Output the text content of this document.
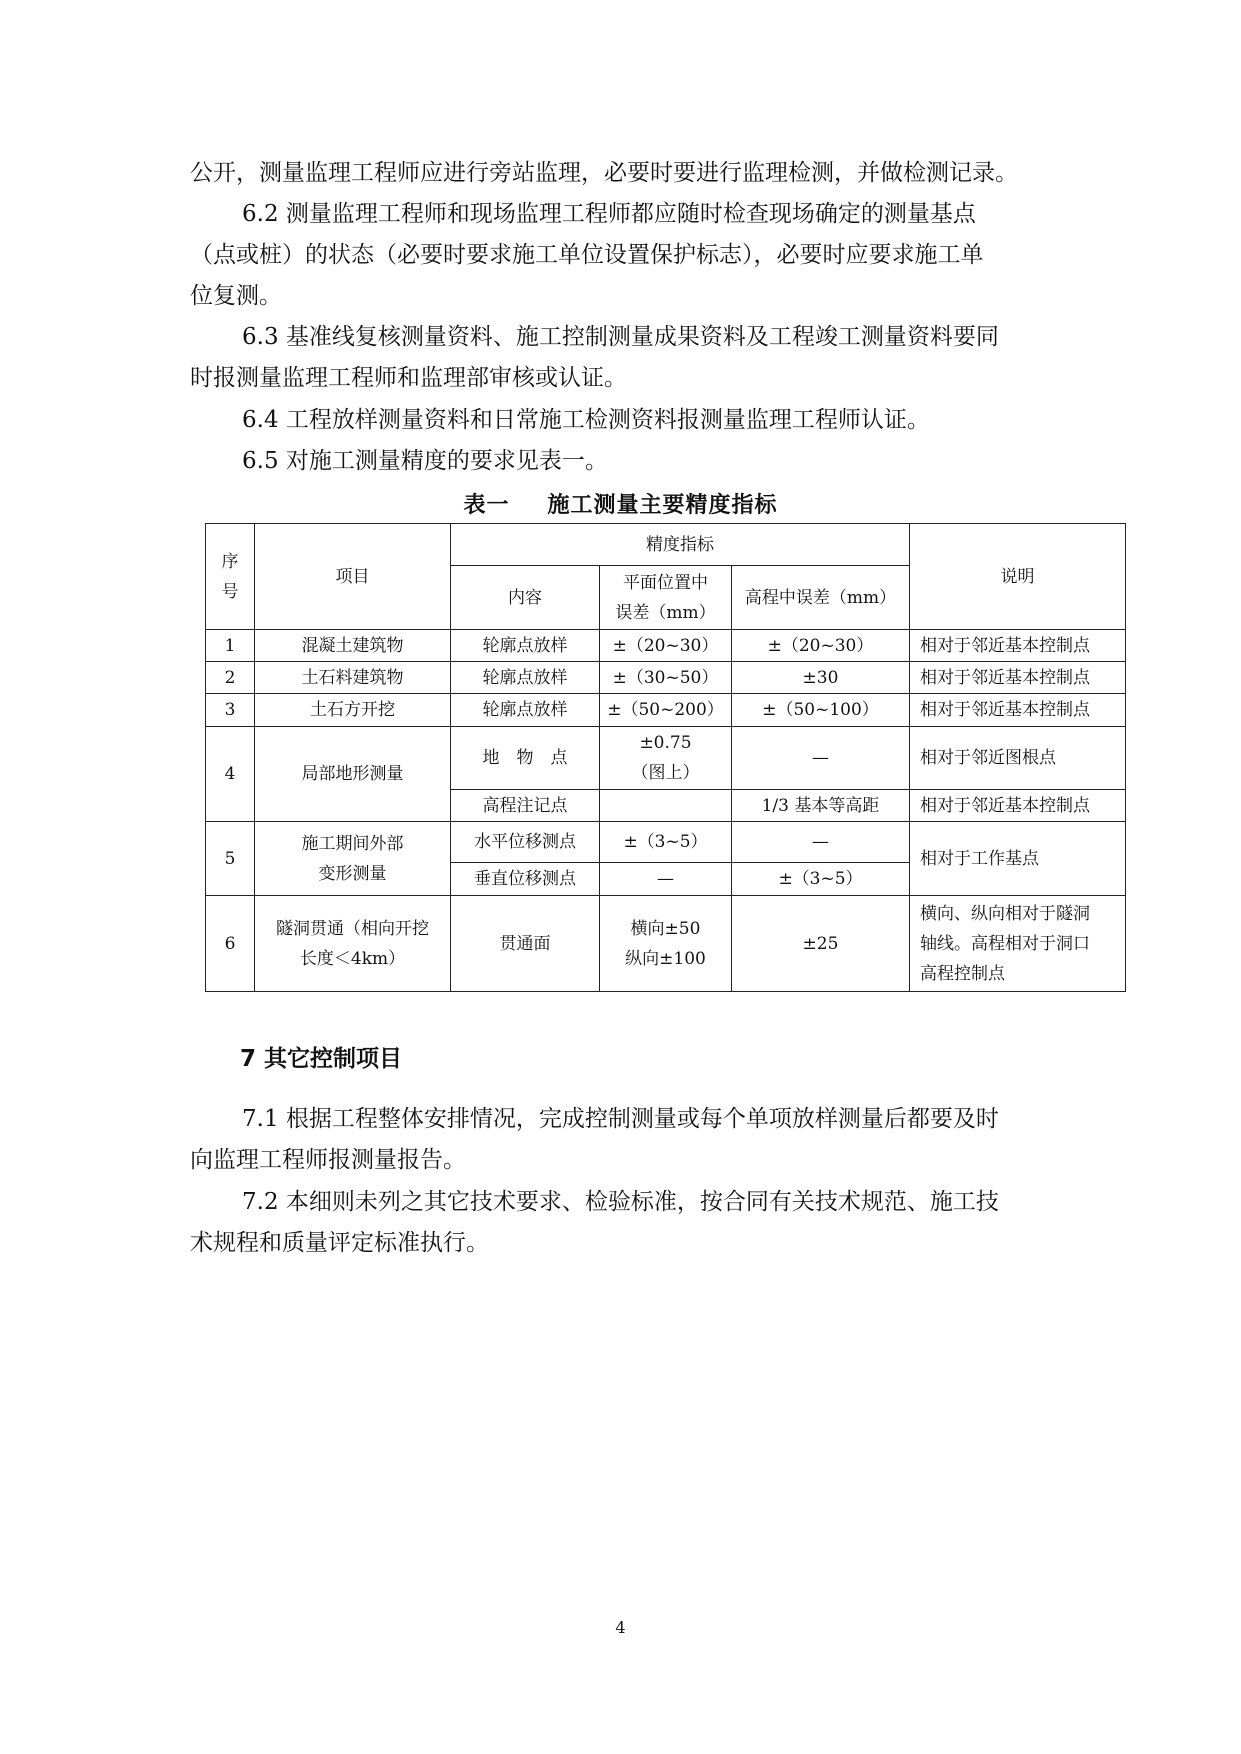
公开，测量监理工程师应进行旁站监理，必要时要进行监理检测，并做检测记录。

6.2 测量监理工程师和现场监理工程师都应随时检查现场确定的测量基点
（点或桩）的状态（必要时要求施工单位设置保护标志），必要时应要求施工单
位复测。

6.3 基准线复核测量资料、施工控制测量成果资料及工程竣工测量资料要同
时报测量监理工程师和监理部审核或认证。

6.4 工程放样测量资料和日常施工检测资料报测量监理工程师认证。

6.5 对施工测量精度的要求见表一。

表一 施工测量主要精度指标

序
号	项目	精度指标			说明
		内容	平面位置中
误差（mm）	高程中误差（mm）	
1	混凝土建筑物	轮廓点放样	±（20~30）	±（20~30）	相对于邻近基本控制点
2	土石料建筑物	轮廓点放样	±（30~50）	±30	相对于邻近基本控制点
3	土石方开挖	轮廓点放样	±（50~200）	±（50~100）	相对于邻近基本控制点
4	局部地形测量	地　物　点	±0.75
（图上）	—	相对于邻近图根点
		高程注记点		1/3 基本等高距	相对于邻近基本控制点
5	施工期间外部
变形测量	水平位移测点	±（3~5）	—	相对于工作基点
		垂直位移测点	—	±（3~5）	
6	隧洞贯通（相向开挖
长度＜4km）	贯通面	横向±50
纵向±100	±25	横向、纵向相对于隧洞
轴线。高程相对于洞口
高程控制点

7 其它控制项目

7.1 根据工程整体安排情况，完成控制测量或每个单项放样测量后都要及时
向监理工程师报测量报告。

7.2 本细则未列之其它技术要求、检验标准，按合同有关技术规范、施工技
术规程和质量评定标准执行。

4
